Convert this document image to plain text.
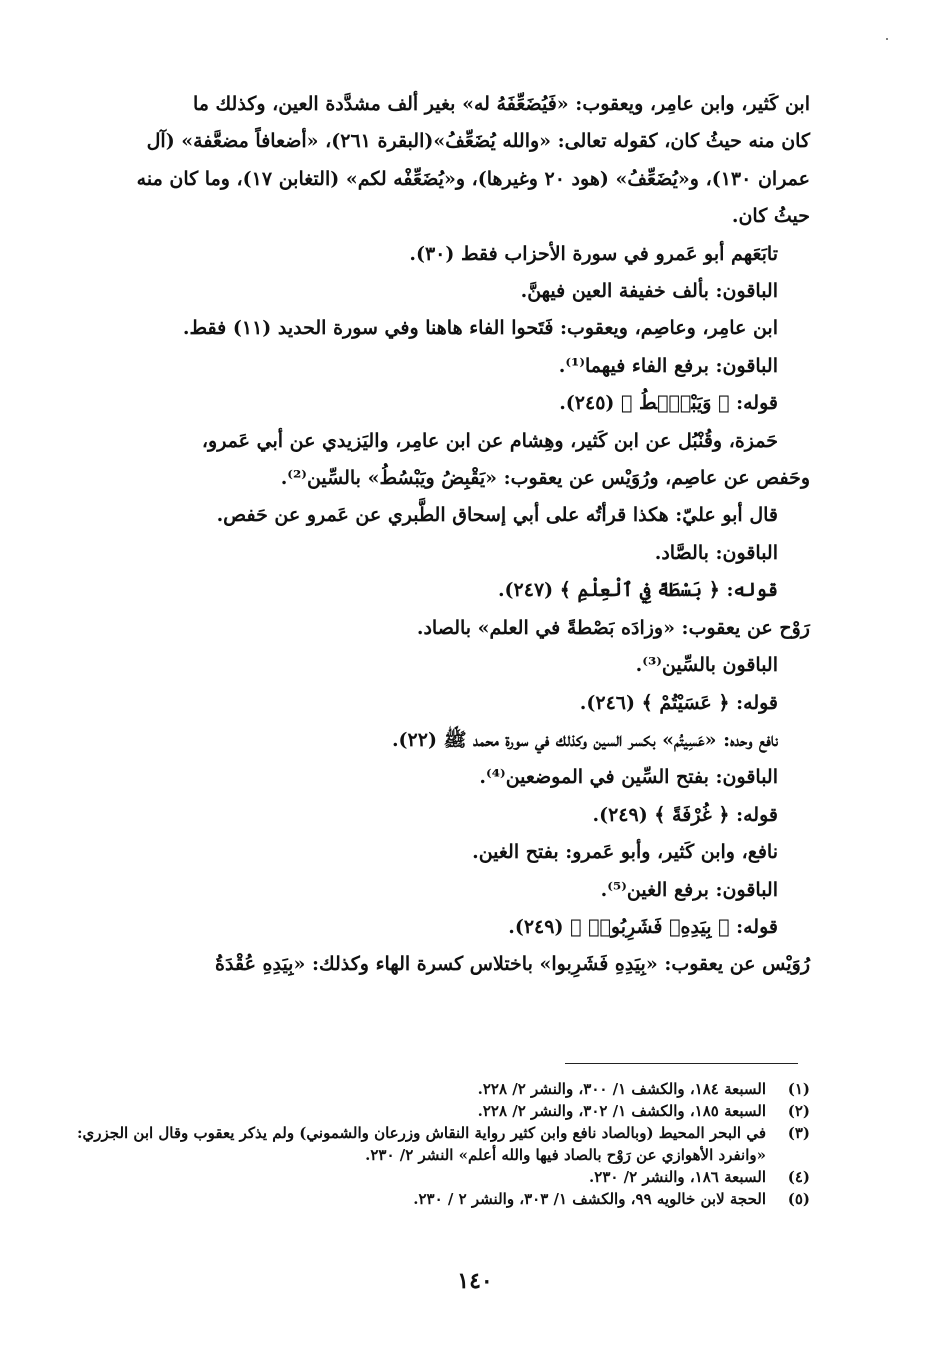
ابن كَثير، وابن عامِر، ويعقوب: «فَيُضَعِّفَهُ له» بغير ألف مشدَّدة العين، وكذلك ما

كان منه حيثُ كان، كقوله تعالى: «والله يُضَعِّفُ»(البقرة ٢٦١)، «أضعافاً مضعَّفة» (آل

عمران ١٣٠)، و«يُضَعِّفُ» (هود ٢٠ وغيرها)، و«يُضَعِّفْه لكم» (التغابن ١٧)، وما كان منه

حيثُ كان.

تابَعَهم أبو عَمرو في سورة الأحزاب فقط (٣٠).

الباقون: بألف خفيفة العين فيهنَّ.

ابن عامِر، وعاصِم، ويعقوب: فَتَحوا الفاء هاهنا وفي سورة الحديد (١١) فقط.

الباقون: برفع الفاء فيهما⁽¹⁾.

قوله: ﴿ وَيَبْصُۜطُ ﴾ (٢٤٥).

حَمزة، وقُنْبُل عن ابن كَثير، وهِشام عن ابن عامِر، واليَزيدي عن أبي عَمرو،

وحَفص عن عاصِم، ورُوَيْس عن يعقوب: «يَقْبِضُ ويَبْسُطُ» بالسِّين⁽²⁾.

قال أبو عليّ: هكذا قرأتُه على أبي إسحاق الطَّبري عن عَمرو عن حَفص.

الباقون: بالصَّاد.

قوله: ﴿ بَسْطَةً فِي ٱلْعِلْمِ ﴾ (٢٤٧).

رَوْح عن يعقوب: «وزادَه بَصْطةً في العلم» بالصاد.

الباقون بالسِّين⁽³⁾.

قوله: ﴿ عَسَيْتُمْ ﴾ (٢٤٦).

نافع وحده: «عَسِيتُم» بكسر السين وكذلك في سورة محمد ﷺ (٢٢).

الباقون: بفتح السِّين في الموضعين⁽⁴⁾.

قوله: ﴿ غُرْفَةً ﴾ (٢٤٩).

نافع، وابن كَثير، وأبو عَمرو: بفتح الغين.

الباقون: برفع الغين⁽⁵⁾.

قوله: ﴿ بِيَدِهِۦ فَشَرِبُوا۟ ﴾ (٢٤٩).

رُوَيْس عن يعقوب: «بِيَدِهِ فَشَرِبوا» باختلاس كسرة الهاء وكذلك: «بِيَدِهِ عُقْدَةُ

(١)
السبعة ١٨٤، والكشف ١/ ٣٠٠، والنشر ٢/ ٢٢٨.
(٢)
السبعة ١٨٥، والكشف ١/ ٣٠٢، والنشر ٢/ ٢٢٨.
(٣)
في البحر المحيط (وبالصاد نافع وابن كثير رواية النقاش وزرعان والشموني) ولم يذكر يعقوب وقال ابن الجزري: «وانفرد الأهوازي عن رَوْح بالصاد فيها والله أعلم» النشر ٢/ ٢٣٠.
(٤)
السبعة ١٨٦، والنشر ٢/ ٢٣٠.
(٥)
الحجة لابن خالويه ٩٩، والكشف ١/ ٣٠٣، والنشر ٢ / ٢٣٠.
١٤٠
